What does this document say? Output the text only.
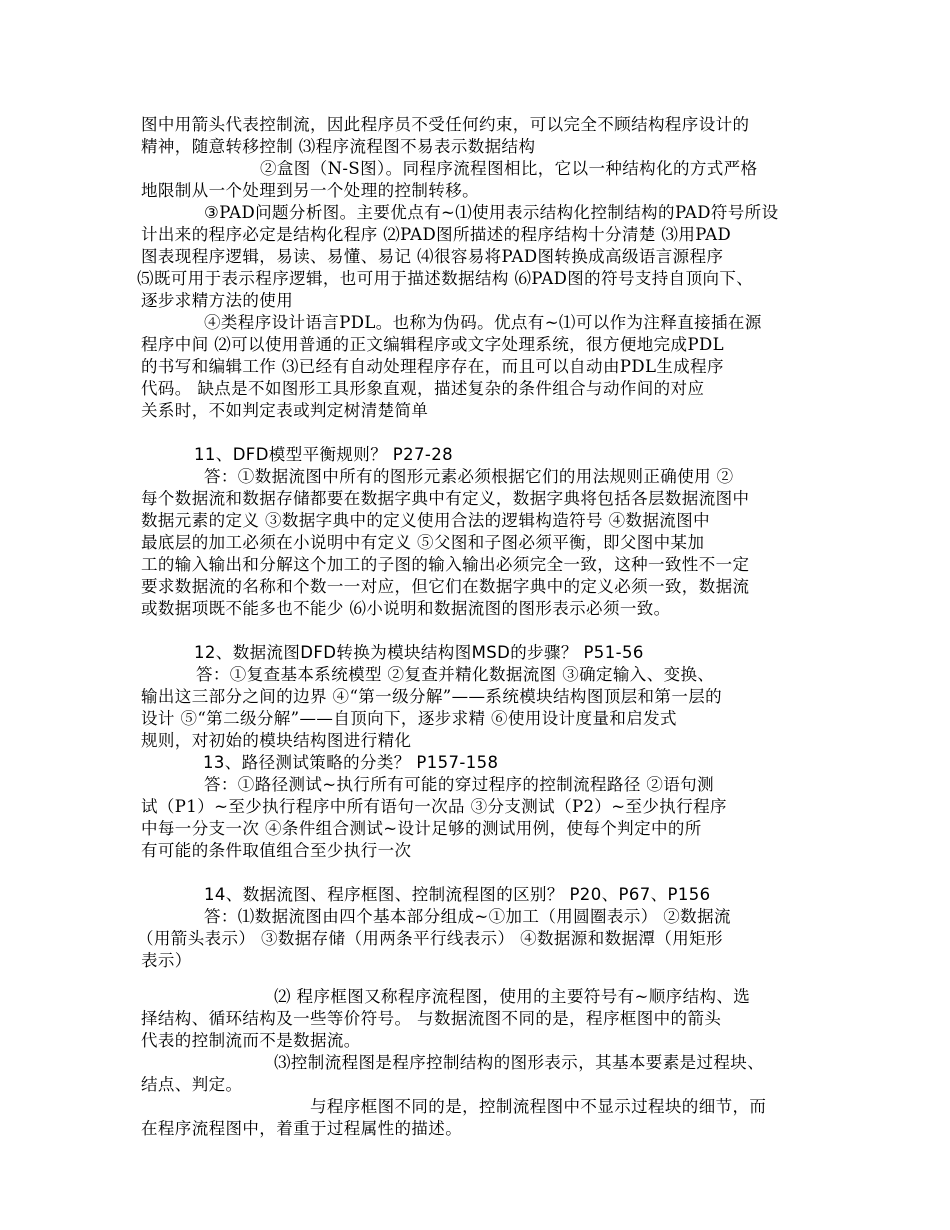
图中用箭头代表控制流，因此程序员不受任何约束，可以完全不顾结构程序设计的
精神，随意转移控制 ⑶程序流程图不易表示数据结构
②盒图（N-S图）。同程序流程图相比，它以一种结构化的方式严格
地限制从一个处理到另一个处理的控制转移。
③PAD问题分析图。主要优点有~⑴使用表示结构化控制结构的PAD符号所设
计出来的程序必定是结构化程序 ⑵PAD图所描述的程序结构十分清楚 ⑶用PAD
图表现程序逻辑，易读、易懂、易记 ⑷很容易将PAD图转换成高级语言源程序
⑸既可用于表示程序逻辑，也可用于描述数据结构 ⑹PAD图的符号支持自顶向下、
逐步求精方法的使用
④类程序设计语言PDL。也称为伪码。优点有~⑴可以作为注释直接插在源
程序中间 ⑵可以使用普通的正文编辑程序或文字处理系统，很方便地完成PDL
的书写和编辑工作 ⑶已经有自动处理程序存在，而且可以自动由PDL生成程序
代码。 缺点是不如图形工具形象直观，描述复杂的条件组合与动作间的对应
关系时，不如判定表或判定树清楚简单
11、DFD模型平衡规则？ P27-28
答：①数据流图中所有的图形元素必须根据它们的用法规则正确使用 ②
每个数据流和数据存储都要在数据字典中有定义，数据字典将包括各层数据流图中
数据元素的定义 ③数据字典中的定义使用合法的逻辑构造符号 ④数据流图中
最底层的加工必须在小说明中有定义 ⑤父图和子图必须平衡，即父图中某加
工的输入输出和分解这个加工的子图的输入输出必须完全一致，这种一致性不一定
要求数据流的名称和个数一一对应，但它们在数据字典中的定义必须一致，数据流
或数据项既不能多也不能少 ⑹小说明和数据流图的图形表示必须一致。
12、数据流图DFD转换为模块结构图MSD的步骤？ P51-56
答：①复查基本系统模型 ②复查并精化数据流图 ③确定输入、变换、
输出这三部分之间的边界 ④“第一级分解”——系统模块结构图顶层和第一层的
设计 ⑤“第二级分解”——自顶向下，逐步求精 ⑥使用设计度量和启发式
规则，对初始的模块结构图进行精化
13、路径测试策略的分类？ P157-158
答：①路径测试~执行所有可能的穿过程序的控制流程路径 ②语句测
试（P1）~至少执行程序中所有语句一次品 ③分支测试（P2）~至少执行程序
中每一分支一次 ④条件组合测试~设计足够的测试用例，使每个判定中的所
有可能的条件取值组合至少执行一次
14、数据流图、程序框图、控制流程图的区别？ P20、P67、P156
答：⑴数据流图由四个基本部分组成~①加工（用圆圈表示） ②数据流
（用箭头表示） ③数据存储（用两条平行线表示） ④数据源和数据潭（用矩形
表示）
⑵ 程序框图又称程序流程图，使用的主要符号有~顺序结构、选
择结构、循环结构及一些等价符号。 与数据流图不同的是，程序框图中的箭头
代表的控制流而不是数据流。
⑶控制流程图是程序控制结构的图形表示，其基本要素是过程块、
结点、判定。
与程序框图不同的是，控制流程图中不显示过程块的细节，而
在程序流程图中，着重于过程属性的描述。
